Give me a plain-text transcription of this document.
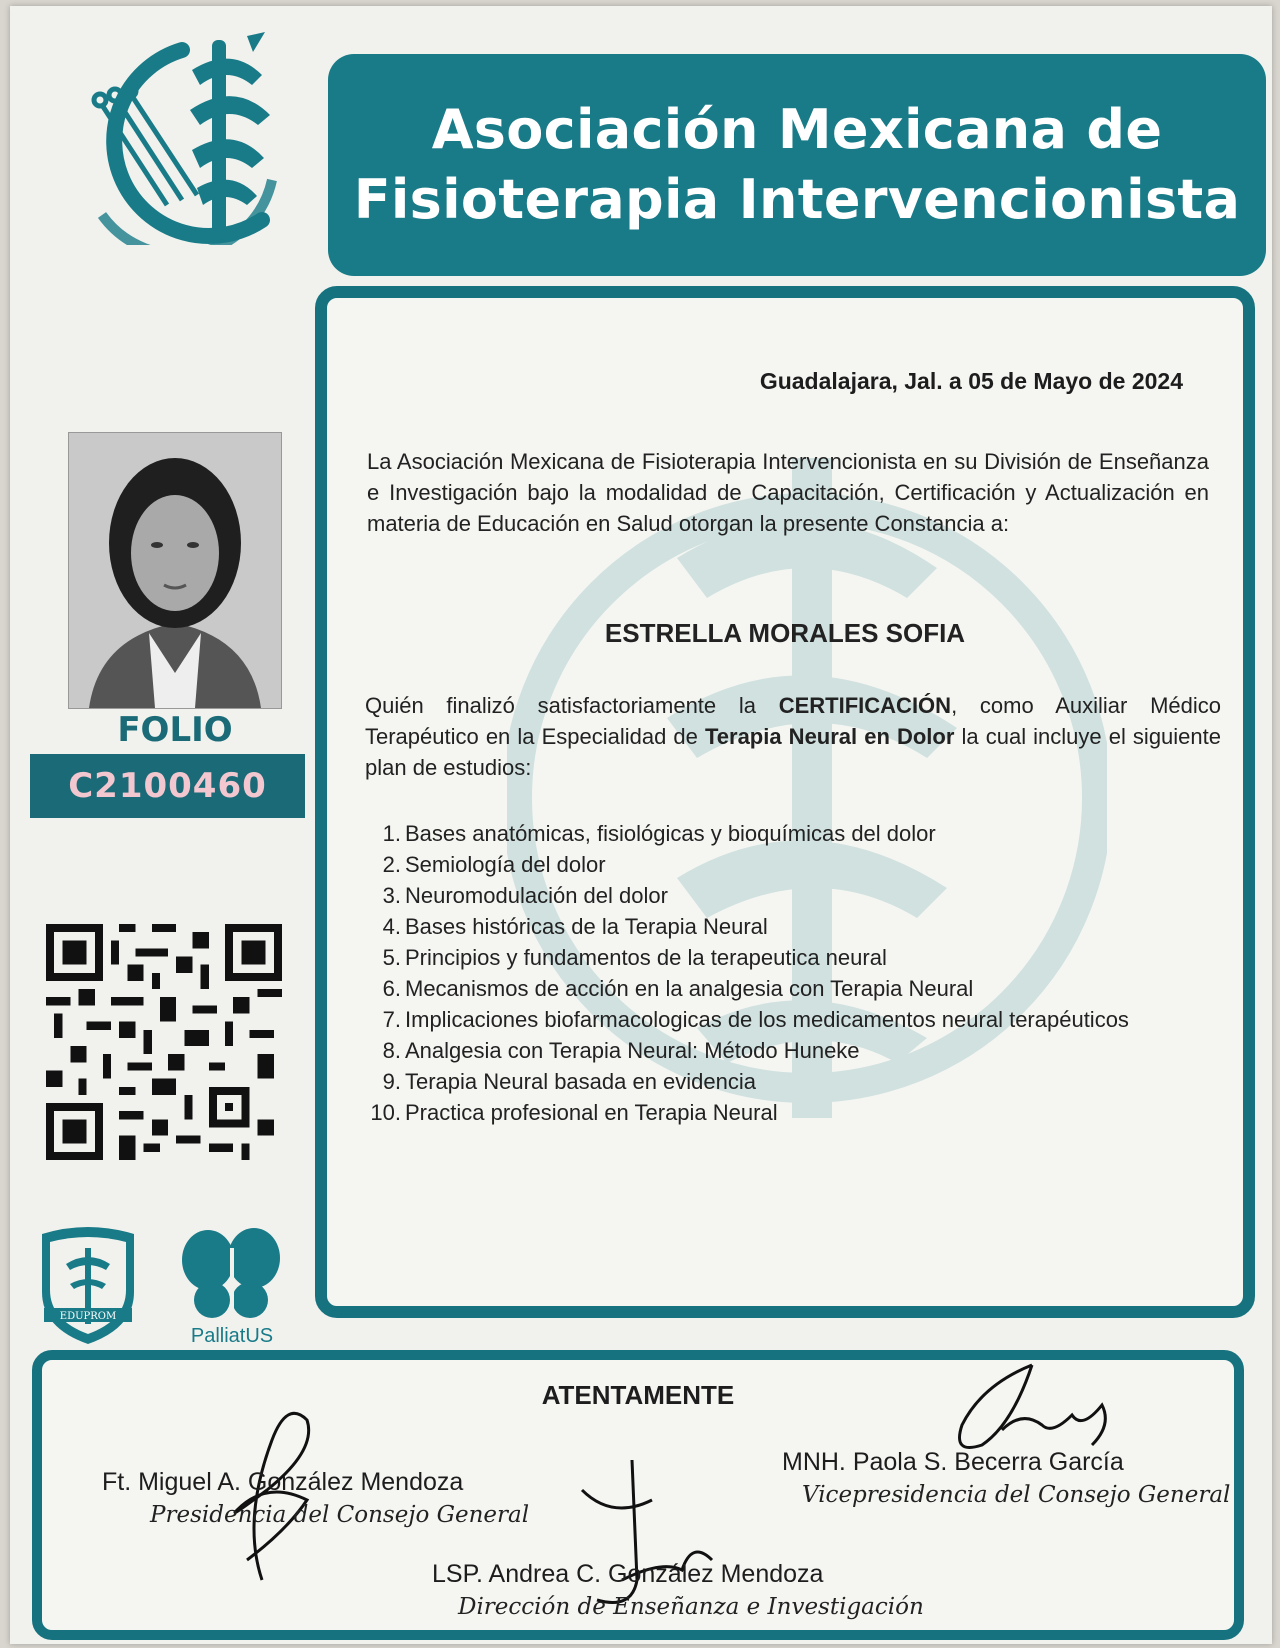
Asociación Mexicana de
Fisioterapia Intervencionista
FOLIO
C2100460
EDUPROM
PalliatUS
Guadalajara, Jal. a 05 de Mayo de 2024
La Asociación Mexicana de Fisioterapia Intervencionista en su División de Enseñanza e Investigación bajo la modalidad de Capacitación, Certificación y Actualización en materia de Educación en Salud otorgan la presente Constancia a:
ESTRELLA MORALES SOFIA
Quién finalizó satisfactoriamente la CERTIFICACIÓN, como Auxiliar Médico Terapéutico en la Especialidad de Terapia Neural en Dolor la cual incluye el siguiente plan de estudios:
1. Bases anatómicas, fisiológicas y bioquímicas del dolor
2. Semiología del dolor
3. Neuromodulación del dolor
4. Bases históricas de la Terapia Neural
5. Principios y fundamentos de la terapeutica neural
6. Mecanismos de acción en la analgesia con Terapia Neural
7. Implicaciones biofarmacologicas de los medicamentos neural terapéuticos
8. Analgesia con Terapia Neural: Método Huneke
9. Terapia Neural basada en evidencia
10. Practica profesional en Terapia Neural
ATENTAMENTE
Ft. Miguel A. González Mendoza
Presidencia del Consejo General
MNH. Paola S. Becerra García
Vicepresidencia del Consejo General
LSP. Andrea C. González Mendoza
Dirección de Enseñanza e Investigación
